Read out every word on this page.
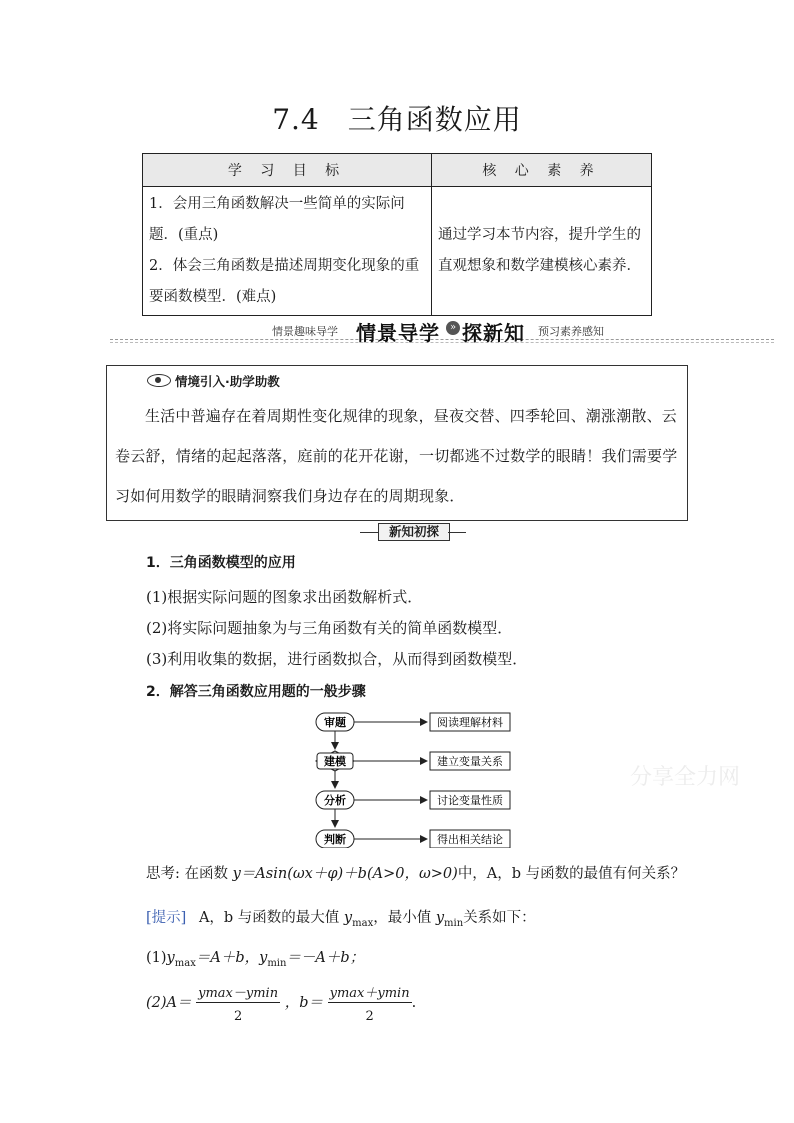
7.4 三角函数应用
学 习 目 标	核 心 素 养

1．会用三角函数解决一些简单的实际问题．(重点)
2．体会三角函数是描述周期变化现象的重要函数模型．(难点)	通过学习本节内容，提升学生的直观想象和数学建模核心素养．
情景趣味导学 情景导学 » 探新知 预习素养感知
情境引入·助学助教
生活中普遍存在着周期性变化规律的现象，昼夜交替、四季轮回、潮涨潮散、云卷云舒，情绪的起起落落，庭前的花开花谢，一切都逃不过数学的眼睛！我们需要学习如何用数学的眼睛洞察我们身边存在的周期现象．
新知初探
1．三角函数模型的应用
(1)根据实际问题的图象求出函数解析式．
(2)将实际问题抽象为与三角函数有关的简单函数模型．
(3)利用收集的数据，进行函数拟合，从而得到函数模型．
2．解答三角函数应用题的一般步骤
审题	阅读理解材料
建模	建立变量关系
分析	讨论变量性质
判断	得出相关结论
分享全力网
思考: 在函数 y＝Asin(ωx＋φ)＋b(A>0，ω>0)中，A，b 与函数的最值有何关系？
[提示] A，b 与函数的最大值 $y_{max}$，最小值 $y_{min}$关系如下：
$(1)y_{max}=A+b$，$y_{min}=-A+b$；
$(2)A= \frac{ymax-ymin}{2}$ ，$b= \frac{ymax+ymin}{2}$ .
